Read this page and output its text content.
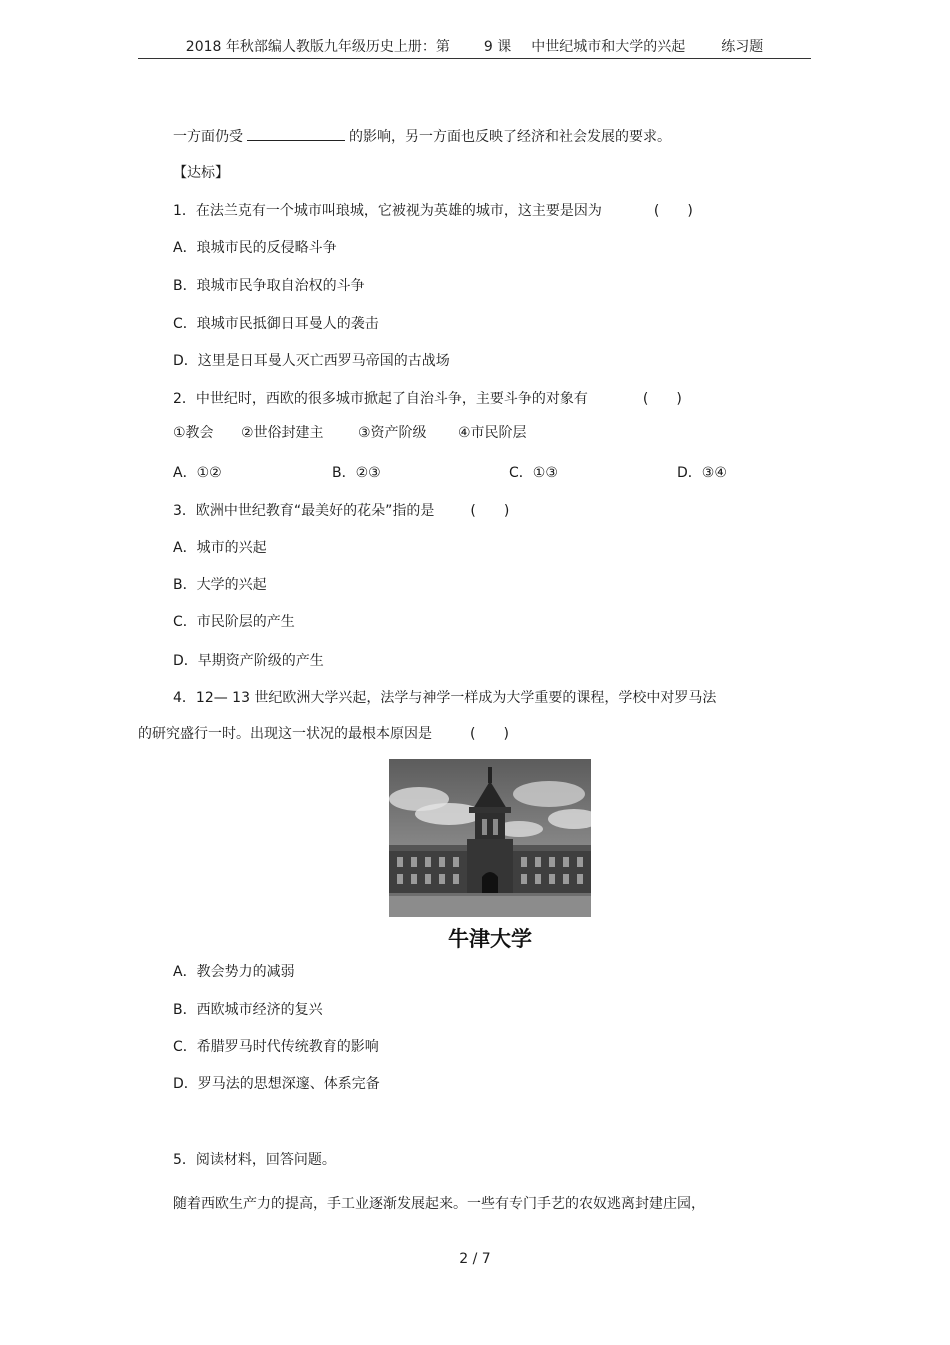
2018 年秋部编人教版九年级历史上册：第 9 课 中世纪城市和大学的兴起	练习题
一方面仍受	的影响，另一方面也反映了经济和社会发展的要求。
【达标】
1．在法兰克有一个城市叫琅城，它被视为英雄的城市，这主要是因为	(　　)
A．琅城市民的反侵略斗争
B．琅城市民争取自治权的斗争
C．琅城市民抵御日耳曼人的袭击
D．这里是日耳曼人灭亡西罗马帝国的古战场
2．中世纪时，西欧的很多城市掀起了自治斗争，主要斗争的对象有	(　　)
①教会 ②世俗封建主 ③资产阶级 ④市民阶层
A．①②	B．②③	C．①③	D．③④
3．欧洲中世纪教育“最美好的花朵”指的是	(　　)
A．城市的兴起
B．大学的兴起
C．市民阶层的产生
D．早期资产阶级的产生
4．12— 13 世纪欧洲大学兴起，法学与神学一样成为大学重要的课程，学校中对罗马法
的研究盛行一时。出现这一状况的最根本原因是	(　　)
牛津大学
A．教会势力的减弱
B．西欧城市经济的复兴
C．希腊罗马时代传统教育的影响
D．罗马法的思想深邃、体系完备
5．阅读材料，回答问题。
随着西欧生产力的提高，手工业逐渐发展起来。一些有专门手艺的农奴逃离封建庄园，
2 / 7
